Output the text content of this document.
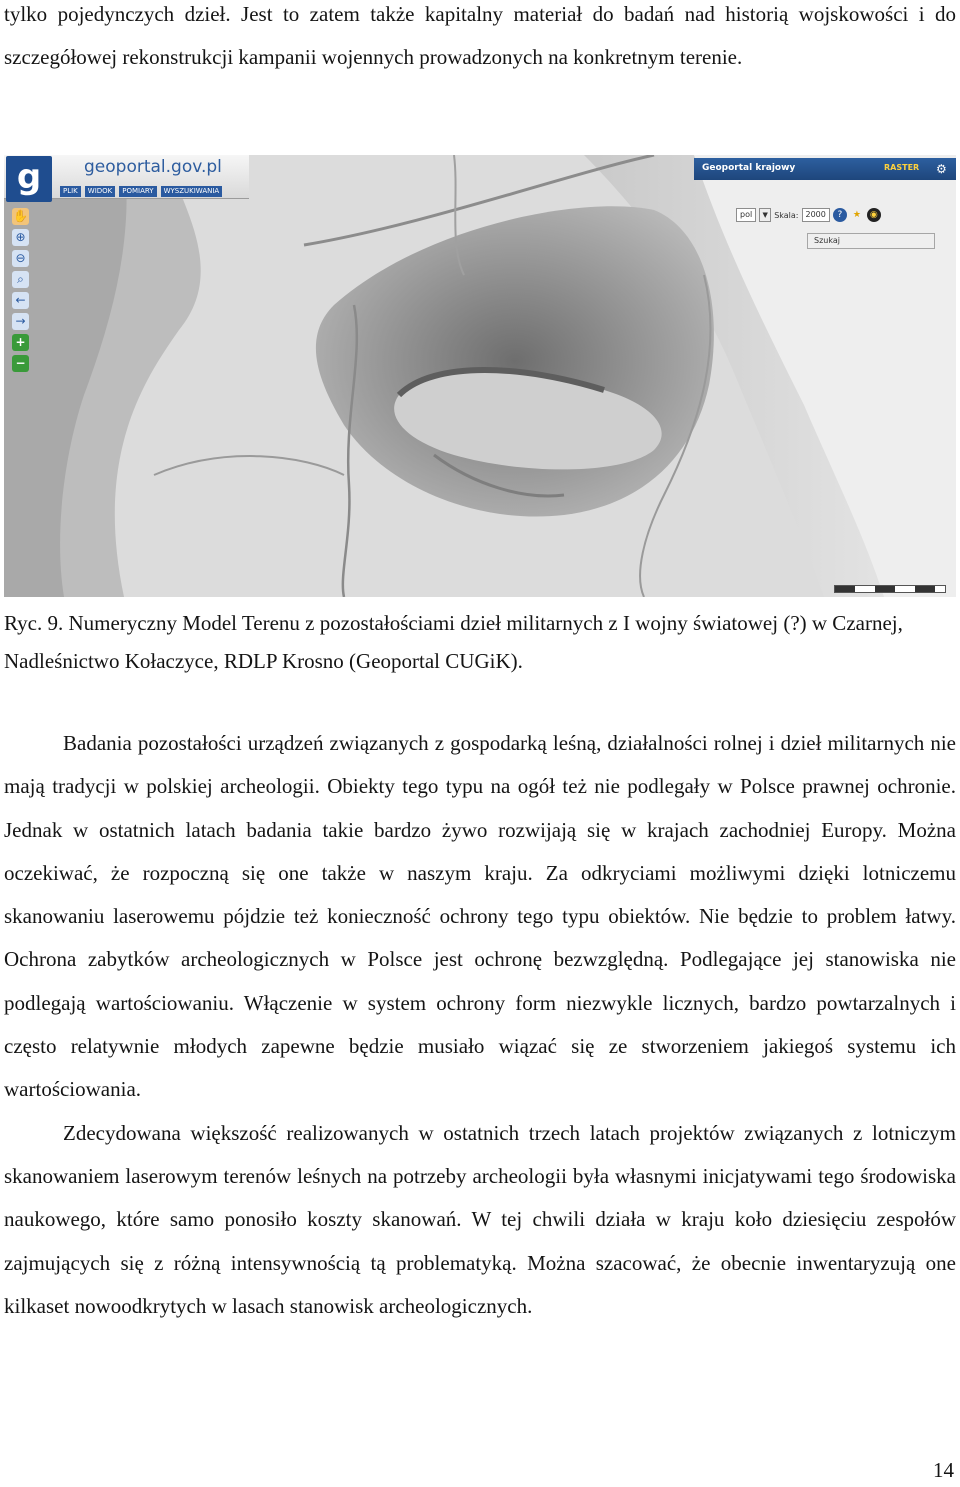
tylko pojedynczych dzieł. Jest to zatem także kapitalny materiał do badań nad historią wojskowości i do szczegółowej rekonstrukcji kampanii wojennych prowadzonych na konkretnym terenie.

g	geoportal.gov.pl
PLIK	WIDOK	POMIARY	WYSZUKIWANIA
✋
⊕
⊖
⌕
←
→
+
−
Geoportal krajowy	RASTER ⚙
pol	▼ Skala: 2000	?	★	◉
Szukaj

Ryc. 9. Numeryczny Model Terenu z pozostałościami dzieł militarnych z I wojny światowej (?) w Czarnej, Nadleśnictwo Kołaczyce, RDLP Krosno (Geoportal CUGiK).

Badania pozostałości urządzeń związanych z gospodarką leśną, działalności rolnej i dzieł militarnych nie mają tradycji w polskiej archeologii. Obiekty tego typu na ogół też nie podlegały w Polsce prawnej ochronie. Jednak w ostatnich latach badania takie bardzo żywo rozwijają się w krajach zachodniej Europy. Można oczekiwać, że rozpoczną się one także w naszym kraju. Za odkryciami możliwymi dzięki lotniczemu skanowaniu laserowemu pójdzie też konieczność ochrony tego typu obiektów. Nie będzie to problem łatwy. Ochrona zabytków archeologicznych w Polsce jest ochronę bezwzględną. Podlegające jej stanowiska nie podlegają wartościowaniu. Włączenie w system ochrony form niezwykle licznych, bardzo powtarzalnych i często relatywnie młodych zapewne będzie musiało wiązać się ze stworzeniem jakiegoś systemu ich wartościowania.

Zdecydowana większość realizowanych w ostatnich trzech latach projektów związanych z lotniczym skanowaniem laserowym terenów leśnych na potrzeby archeologii była własnymi inicjatywami tego środowiska naukowego, które samo ponosiło koszty skanowań. W tej chwili działa w kraju koło dziesięciu zespołów zajmujących się z różną intensywnością tą problematyką. Można szacować, że obecnie inwentaryzują one kilkaset nowoodkrytych w lasach stanowisk archeologicznych.

14
